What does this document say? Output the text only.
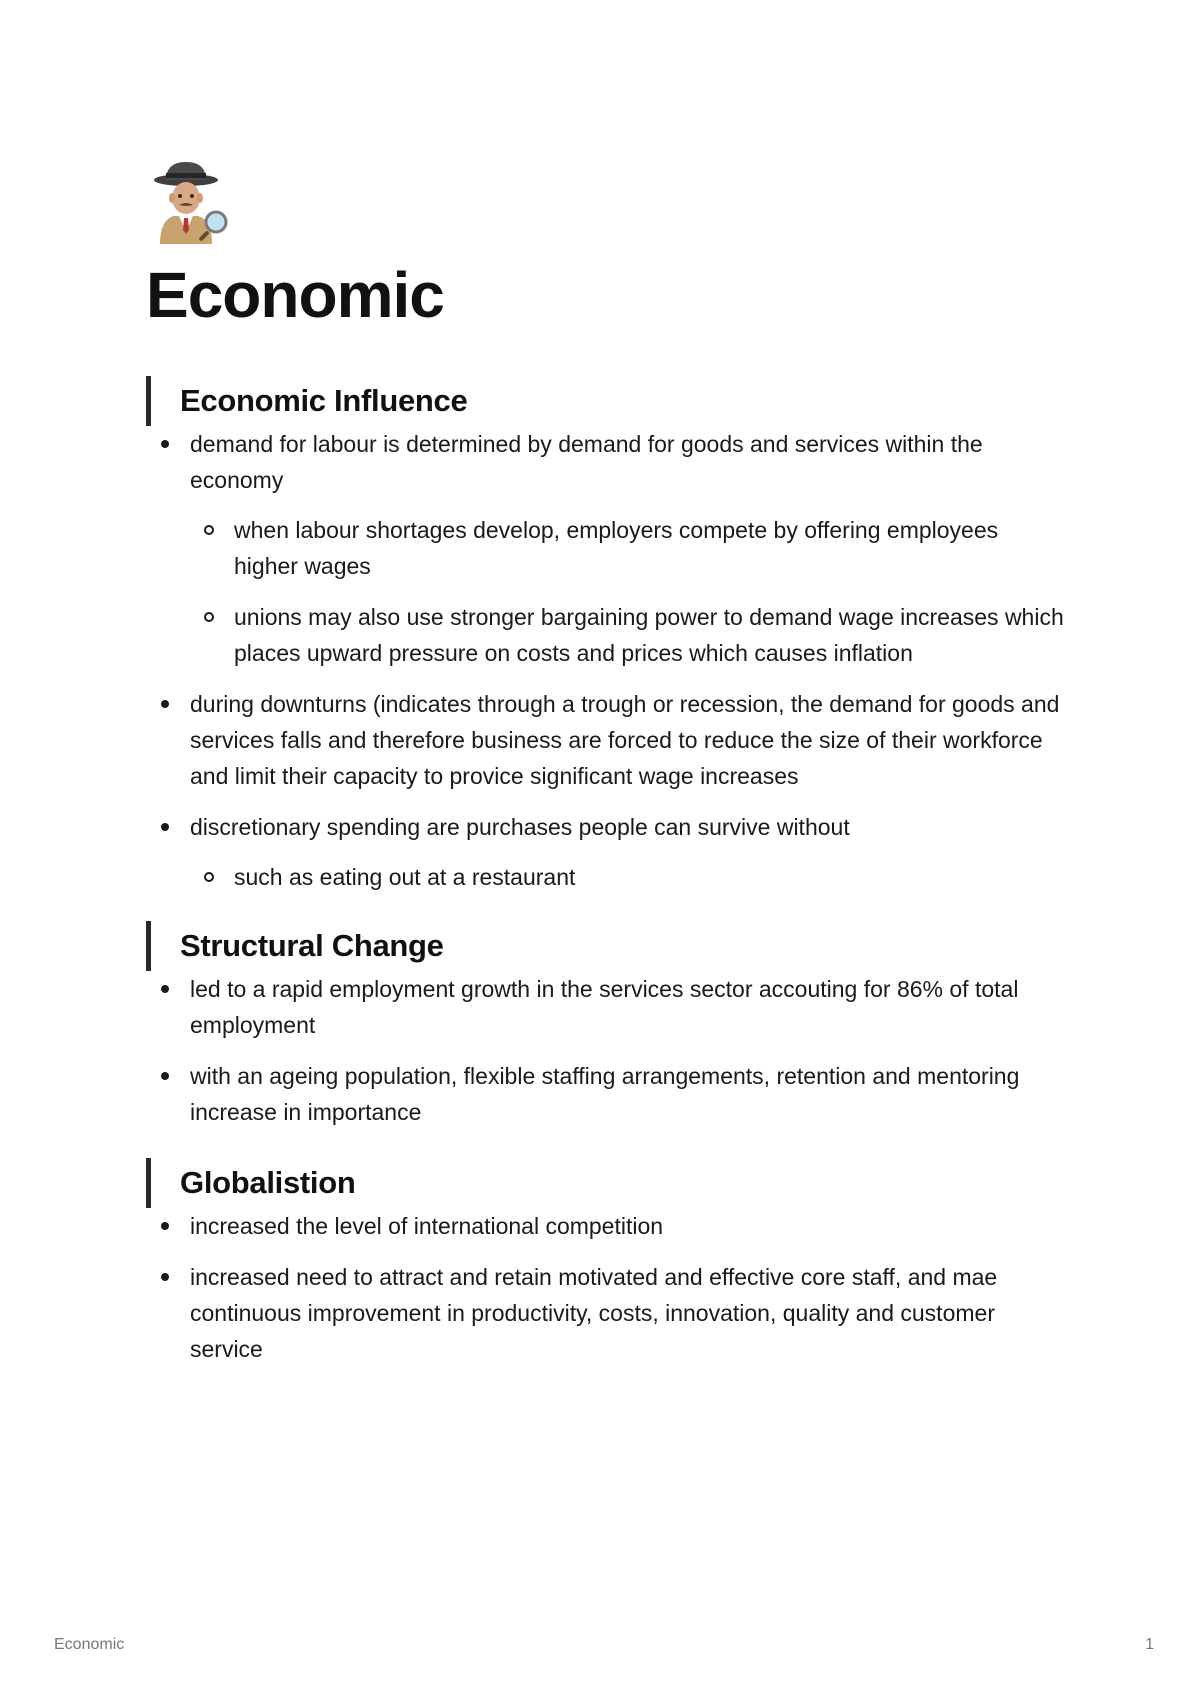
Economic
Economic Influence
demand for labour is determined by demand for goods and services within the economy
when labour shortages develop, employers compete by offering employees higher wages
unions may also use stronger bargaining power to demand wage increases which places upward pressure on costs and prices which causes inflation
during downturns (indicates through a trough or recession, the demand for goods and services falls and therefore business are forced to reduce the size of their workforce and limit their capacity to provice significant wage increases
discretionary spending are purchases people can survive without
such as eating out at a restaurant
Structural Change
led to a rapid employment growth in the services sector accouting for 86% of total employment
with an ageing population, flexible staffing arrangements, retention and mentoring increase in importance
Globalistion
increased the level of international competition
increased need to attract and retain motivated and effective core staff, and mae continuous improvement in productivity, costs, innovation, quality and customer service
Economic	1
